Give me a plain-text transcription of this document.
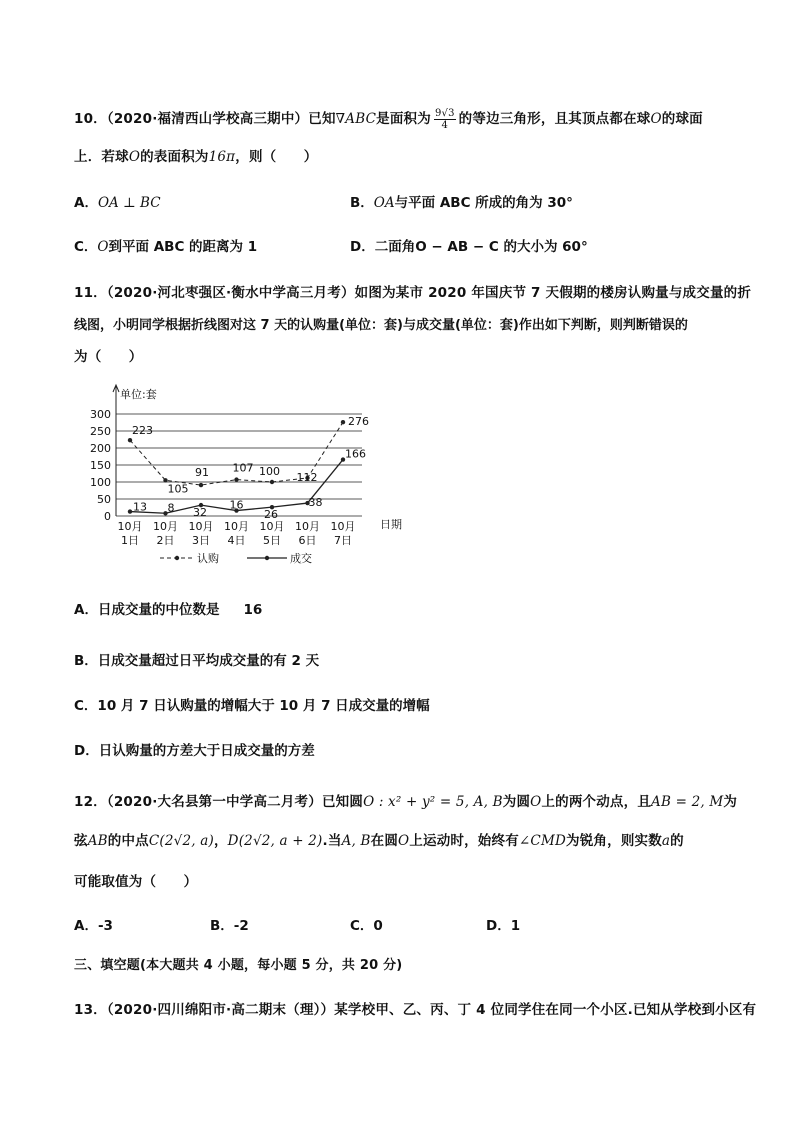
10．（2020·福清西山学校高三期中）已知∇ABC是面积为 $\frac{9√3}{4}$ 的等边三角形，且其顶点都在球O的球面
上．若球O的表面积为16π，则（　　）
A．OA ⊥ BC	B．OA与平面 ABC 所成的角为 30°
C．O到平面 ABC 的距离为 1	D．二面角O − AB − C 的大小为 60°
11．（2020·河北枣强区·衡水中学高三月考）如图为某市 2020 年国庆节 7 天假期的楼房认购量与成交量的折
线图，小明同学根据折线图对这 7 天的认购量(单位：套)与成交量(单位：套)作出如下判断，则判断错误的
为（　　）
单位:套
0
50
100
150
200
250
300
日期
10月
1日
10月
2日
10月
3日
10月
4日
10月
5日
10月
6日
10月
7日
223
105
91 107 100 112
276
13 8 32
16
26
38
166
认购	成交
A．日成交量的中位数是 16
B．日成交量超过日平均成交量的有 2 天
C．10 月 7 日认购量的增幅大于 10 月 7 日成交量的增幅
D．日认购量的方差大于日成交量的方差
12．（2020·大名县第一中学高二月考）已知圆O : x² + y² = 5, A, B为圆O上的两个动点，且AB = 2, M为
弦AB的中点C(2√2, a)，D(2√2, a + 2).当A, B在圆O上运动时，始终有∠CMD为锐角，则实数a的
可能取值为（　　）
A．-3	B．-2	C．0	D．1
三、填空题(本大题共 4 小题，每小题 5 分，共 20 分)
13．（2020·四川绵阳市·高二期末（理））某学校甲、乙、丙、丁 4 位同学住在同一个小区.已知从学校到小区有
